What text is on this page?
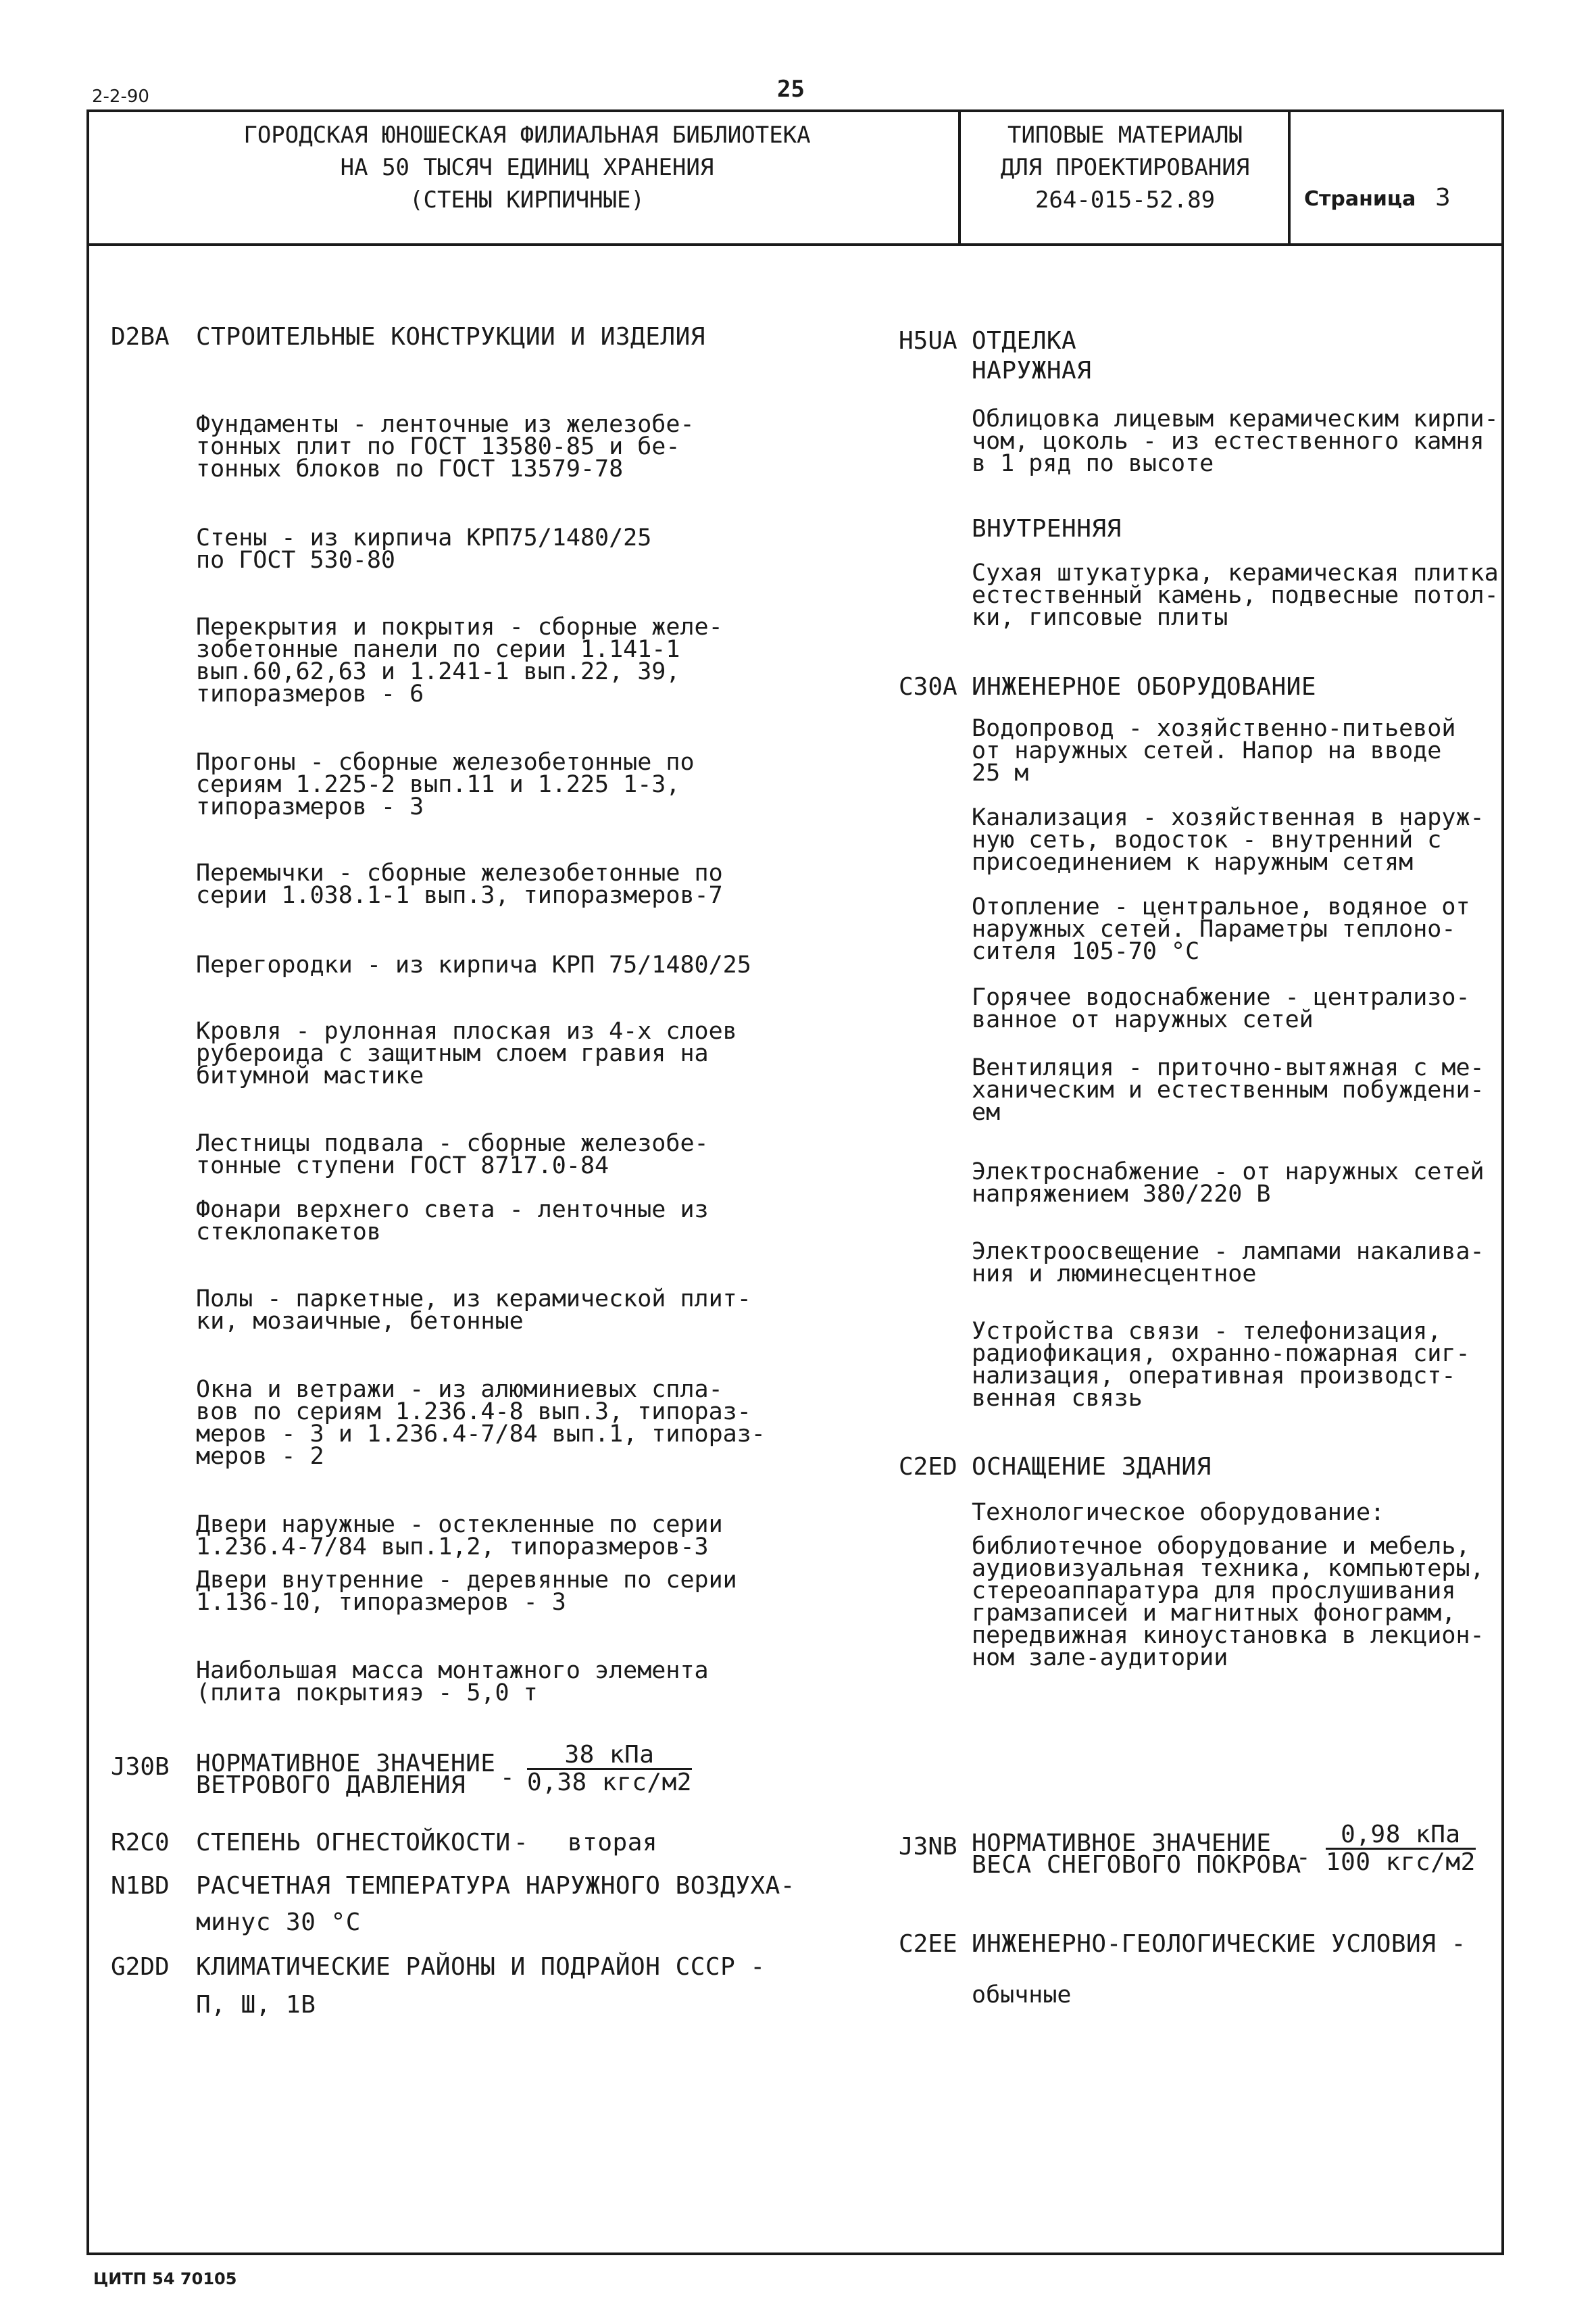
2-2-90	25
ГОРОДСКАЯ ЮНОШЕСКАЯ ФИЛИАЛЬНАЯ БИБЛИОТЕКА
НА 50 ТЫСЯЧ ЕДИНИЦ ХРАНЕНИЯ
(СТЕНЫ КИРПИЧНЫЕ)
ТИПОВЫЕ МАТЕРИАЛЫ
ДЛЯ ПРОЕКТИРОВАНИЯ
264-015-52.89	Страница 3
D2BA СТРОИТЕЛЬНЫЕ КОНСТРУКЦИИ И ИЗДЕЛИЯ
Фундаменты - ленточные из железобе-
тонных плит по ГОСТ 13580-85 и бе-
тонных блоков по ГОСТ 13579-78
Стены - из кирпича КРП75/1480/25
по ГОСТ 530-80
Перекрытия и покрытия - сборные желе-
зобетонные панели по серии 1.141-1
вып.60,62,63 и 1.241-1 вып.22, 39,
типоразмеров - 6
Прогоны - сборные железобетонные по
сериям 1.225-2 вып.11 и 1.225 1-3,
типоразмеров - 3
Перемычки - сборные железобетонные по
серии 1.038.1-1 вып.3, типоразмеров-7
Перегородки - из кирпича КРП 75/1480/25
Кровля - рулонная плоская из 4-х слоев
рубероида с защитным слоем гравия на
битумной мастике
Лестницы подвала - сборные железобе-
тонные ступени ГОСТ 8717.0-84
Фонари верхнего света - ленточные из
стеклопакетов
Полы - паркетные, из керамической плит-
ки, мозаичные, бетонные
Окна и ветражи - из алюминиевых спла-
вов по сериям 1.236.4-8 вып.3, типораз-
меров - 3 и 1.236.4-7/84 вып.1, типораз-
меров - 2
Двери наружные - остекленные по серии
1.236.4-7/84 вып.1,2, типоразмеров-3
Двери внутренние - деревянные по серии
1.136-10, типоразмеров - 3
Наибольшая масса монтажного элемента
(плита покрытияэ - 5,0 т
J30B НОРМАТИВНОЕ ЗНАЧЕНИЕ
ВЕТРОВОГО ДАВЛЕНИЯ	- $\frac{\text{38 кПа}}{\text{0,38 кгс/м2}}$
R2C0 СТЕПЕНЬ ОГНЕСТОЙКОСТИ - вторая
N1BD РАСЧЕТНАЯ ТЕМПЕРАТУРА НАРУЖНОГО ВОЗДУХА-
минус 30 °С
G2DD КЛИМАТИЧЕСКИЕ РАЙОНЫ И ПОДРАЙОН СССР -
П, Ш, 1В
H5UA ОТДЕЛКА
НАРУЖНАЯ
Облицовка лицевым керамическим кирпи-
чом, цоколь - из естественного камня
в 1 ряд по высоте
ВНУТРЕННЯЯ
Сухая штукатурка, керамическая плитка
естественный камень, подвесные потол-
ки, гипсовые плиты
C30A ИНЖЕНЕРНОЕ ОБОРУДОВАНИЕ
Водопровод - хозяйственно-питьевой
от наружных сетей. Напор на вводе
25 м
Канализация - хозяйственная в наруж-
ную сеть, водосток - внутренний с
присоединением к наружным сетям
Отопление - центральное, водяное от
наружных сетей. Параметры теплоно-
сителя 105-70 °С
Горячее водоснабжение - централизо-
ванное от наружных сетей
Вентиляция - приточно-вытяжная с ме-
ханическим и естественным побуждени-
ем
Электроснабжение - от наружных сетей
напряжением 380/220 В
Электроосвещение - лампами накалива-
ния и люминесцентное
Устройства связи - телефонизация,
радиофикация, охранно-пожарная сиг-
нализация, оперативная производст-
венная связь
C2ED ОСНАЩЕНИЕ ЗДАНИЯ
Технологическое оборудование:
библиотечное оборудование и мебель,
аудиовизуальная техника, компьютеры,
стереоаппаратура для прослушивания
грамзаписей и магнитных фонограмм,
передвижная киноустановка в лекцион-
ном зале-аудитории
J3NB НОРМАТИВНОЕ ЗНАЧЕНИЕ
ВЕСА СНЕГОВОГО ПОКРОВА
- $\frac{\text{0,98 кПа}}{\text{100 кгс/м2}}$
C2EE ИНЖЕНЕРНО-ГЕОЛОГИЧЕСКИЕ УСЛОВИЯ -
обычные
ЦИТП 54 70105
